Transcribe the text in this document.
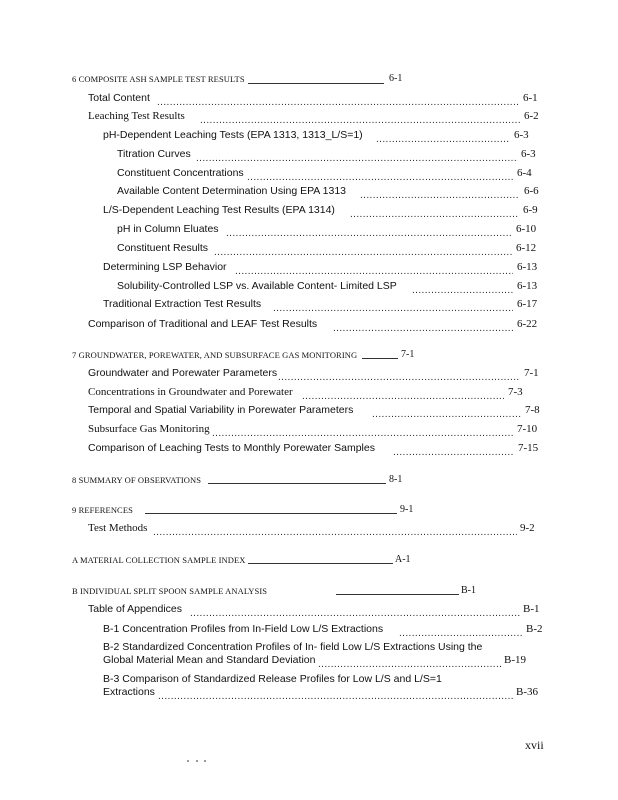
6 COMPOSITE ASH SAMPLE TEST RESULTS	6-1
Total Content .....	6-1
Leaching Test Results .....	6-2
pH-Dependent Leaching Tests (EPA 1313, 1313_L/S=1) .....	6-3
Titration Curves .....	6-3
Constituent Concentrations .....	6-4
Available Content Determination Using EPA 1313 .....	6-6
L/S-Dependent Leaching Test Results (EPA 1314) .....	6-9
pH in Column Eluates .....	6-10
Constituent Results .....	6-12
Determining LSP Behavior .....	6-13
Solubility-Controlled LSP vs. Available Content- Limited LSP .....	6-13
Traditional Extraction Test Results .....	6-17
Comparison of Traditional and LEAF Test Results .....	6-22
7 GROUNDWATER, POREWATER, AND SUBSURFACE GAS MONITORING	7-1
Groundwater and Porewater Parameters .....	7-1
Concentrations in Groundwater and Porewater .....	7-3
Temporal and Spatial Variability in Porewater Parameters .....	7-8
Subsurface Gas Monitoring .....	7-10
Comparison of Leaching Tests to Monthly Porewater Samples .....	7-15
8 SUMMARY OF OBSERVATIONS	8-1
9 REFERENCES	9-1
Test Methods .....	9-2
A MATERIAL COLLECTION SAMPLE INDEX	A-1
B INDIVIDUAL SPLIT SPOON SAMPLE ANALYSIS	B-1
Table of Appendices .....	B-1
B-1 Concentration Profiles from In-Field Low L/S Extractions .....	B-2
B-2 Standardized Concentration Profiles of In- field Low L/S Extractions Using the
Global Material Mean and Standard Deviation .....	B-19
B-3 Comparison of Standardized Release Profiles for Low L/S and L/S=1
Extractions .....	B-36
xvii
